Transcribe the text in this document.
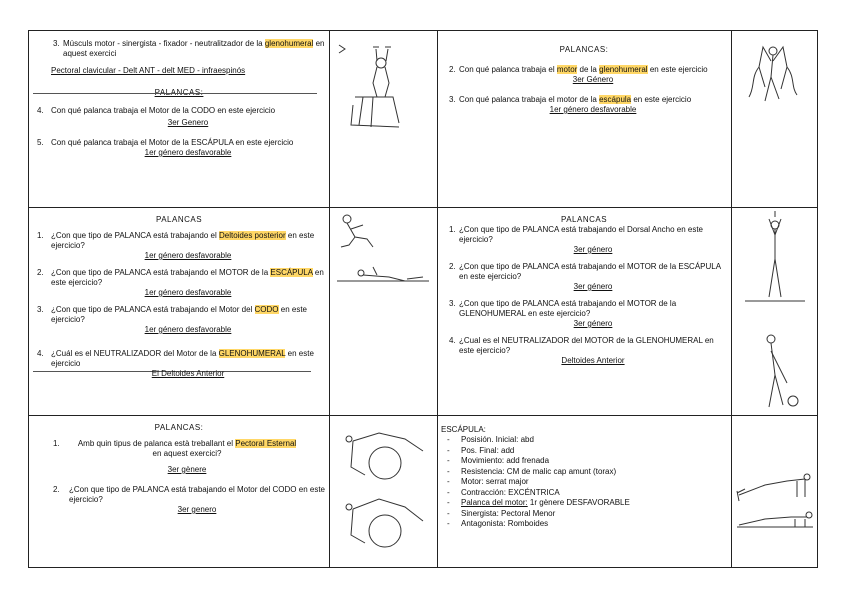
3. Músculs motor - sinergista - fixador - neutralitzador de la glenohumeral en aquest exercici
Pectoral clavicular - Delt ANT - delt MED - infraespinós
4. Con qué palanca trabaja el Motor de la CODO en este ejercicio
3er Genero
5. Con qué palanca trabaja el Motor de la ESCÁPULA en este ejercicio
1er género desfavorable
PALANCAS:
2. Con qué palanca trabaja el motor de la glenohumeral en este ejercicio
3er Género
3. Con qué palanca trabaja el motor de la escápula en este ejercicio
1er género desfavorable
PALANCAS
1. ¿Con que tipo de PALANCA está trabajando el Deltoides posterior en este ejercicio?
1er género desfavorable
2. ¿Con que tipo de PALANCA está trabajando el MOTOR de la ESCÁPULA en este ejercicio?
1er género desfavorable
3. ¿Con que tipo de PALANCA está trabajando el Motor del CODO en este ejercicio?
1er género desfavorable
4. ¿Cuál es el NEUTRALIZADOR del Motor de la GLENOHUMERAL en este ejercicio
El Deltoides Anterior
PALANCAS
1. ¿Con que tipo de PALANCA está trabajando el Dorsal Ancho en este ejercicio?
3er género
2. ¿Con que tipo de PALANCA está trabajando el MOTOR de la ESCÁPULA en este ejercicio?
3er género
3. ¿Con que tipo de PALANCA está trabajando el MOTOR de la GLENOHUMERAL en este ejercicio?
3er género
4. ¿Cual es el NEUTRALIZADOR del MOTOR de la GLENOHUMERAL en este ejercicio?
Deltoides Anterior
PALANCAS:
1. Amb quin tipus de palanca està treballant el Pectoral Esternal en aquest exercici?
3er gènere
2. ¿Con que tipo de PALANCA está trabajando el Motor del CODO en este ejercicio?
3er genero
ESCÁPULA:
- Posisión. Inicial: abd
- Pos. Final: add
- Movimiento: add frenada
- Resistencia: CM de malic cap amunt (torax)
- Motor: serrat major
- Contracción: EXCÉNTRICA
- Palanca del motor: 1r gènere DESFAVORABLE
- Sinergista: Pectoral Menor
- Antagonista: Romboides
